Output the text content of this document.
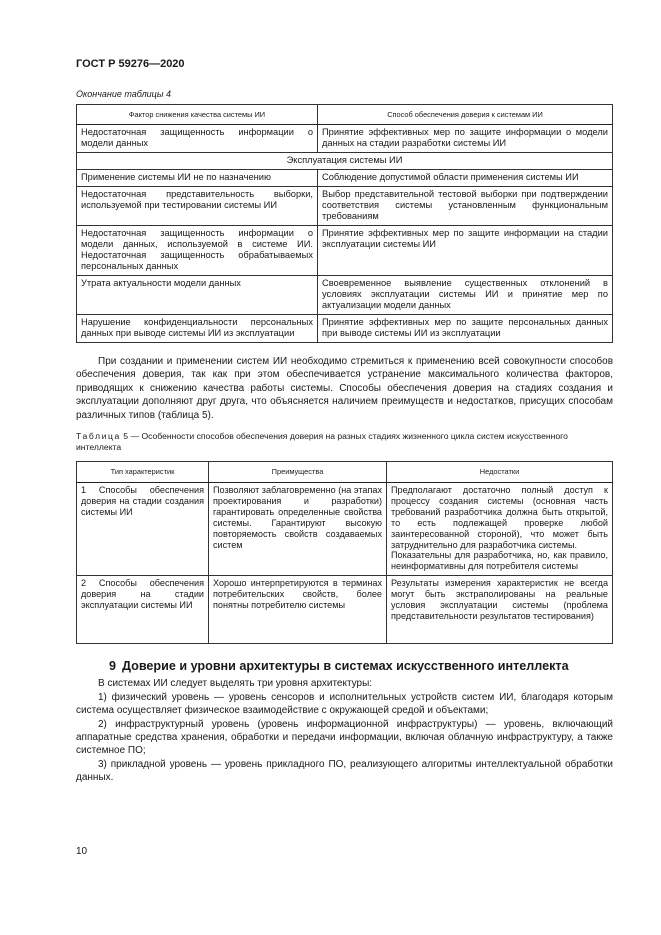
ГОСТ Р 59276—2020
Окончание таблицы 4
Фактор снижения качества системы ИИ	Способ обеспечения доверия к системам ИИ
Недостаточная защищенность информации о модели данных	Принятие эффективных мер по защите информации о модели данных на стадии разработки системы ИИ
Эксплуатация системы ИИ	
Применение системы ИИ не по назначению	Соблюдение допустимой области применения системы ИИ
Недостаточная представительность выборки, используемой при тестировании системы ИИ	Выбор представительной тестовой выборки при подтверждении соответствия системы установленным функциональным требованиям
Недостаточная защищенность информации о модели данных, используемой в системе ИИ. Недостаточная защищенность обрабатываемых персональных данных	Принятие эффективных мер по защите информации на стадии эксплуатации системы ИИ
Утрата актуальности модели данных	Своевременное выявление существенных отклонений в условиях эксплуатации системы ИИ и принятие мер по актуализации модели данных
Нарушение конфиденциальности персональных данных при выводе системы ИИ из эксплуатации	Принятие эффективных мер по защите персональных данных при выводе системы ИИ из эксплуатации

При создании и применении систем ИИ необходимо стремиться к применению всей совокупности способов обеспечения доверия, так как при этом обеспечивается устранение максимального количества факторов, приводящих к снижению качества работы системы. Способы обеспечения доверия на стадиях создания и эксплуатации дополняют друг друга, что объясняется наличием преимуществ и недостатков, присущих способам различных типов (таблица 5).

Таблица 5 — Особенности способов обеспечения доверия на разных стадиях жизненного цикла систем искусственного интеллекта
Тип характеристик	Преимущества	Недостатки
1 Способы обеспечения доверия на стадии создания системы ИИ	Позволяют заблаговременно (на этапах проектирования и разработки) гарантировать определенные свойства системы. Гарантируют высокую повторяемость свойств создаваемых систем	Предполагают достаточно полный доступ к процессу создания системы (основная часть требований разработчика должна быть открытой, то есть подлежащей проверке любой заинтересованной стороной), что может быть затруднительно для разработчика системы.
Показательны для разработчика, но, как правило, неинформативны для потребителя системы

2 Способы обеспечения доверия на стадии эксплуатации системы ИИ	Хорошо интерпретируются в терминах потребительских свойств, более понятны потребителю системы	Результаты измерения характеристик не всегда могут быть экстраполированы на реальные условия эксплуатации системы (проблема представительности результатов тестирования)
9 Доверие и уровни архитектуры в системах искусственного интеллекта

В системах ИИ следует выделять три уровня архитектуры:

1) физический уровень — уровень сенсоров и исполнительных устройств систем ИИ, благодаря которым система осуществляет физическое взаимодействие с окружающей средой и объектами;

2) инфраструктурный уровень (уровень информационной инфраструктуры) — уровень, включающий аппаратные средства хранения, обработки и передачи информации, включая облачную инфраструктуру, а также системное ПО;

3) прикладной уровень — уровень прикладного ПО, реализующего алгоритмы интеллектуальной обработки данных.

10
